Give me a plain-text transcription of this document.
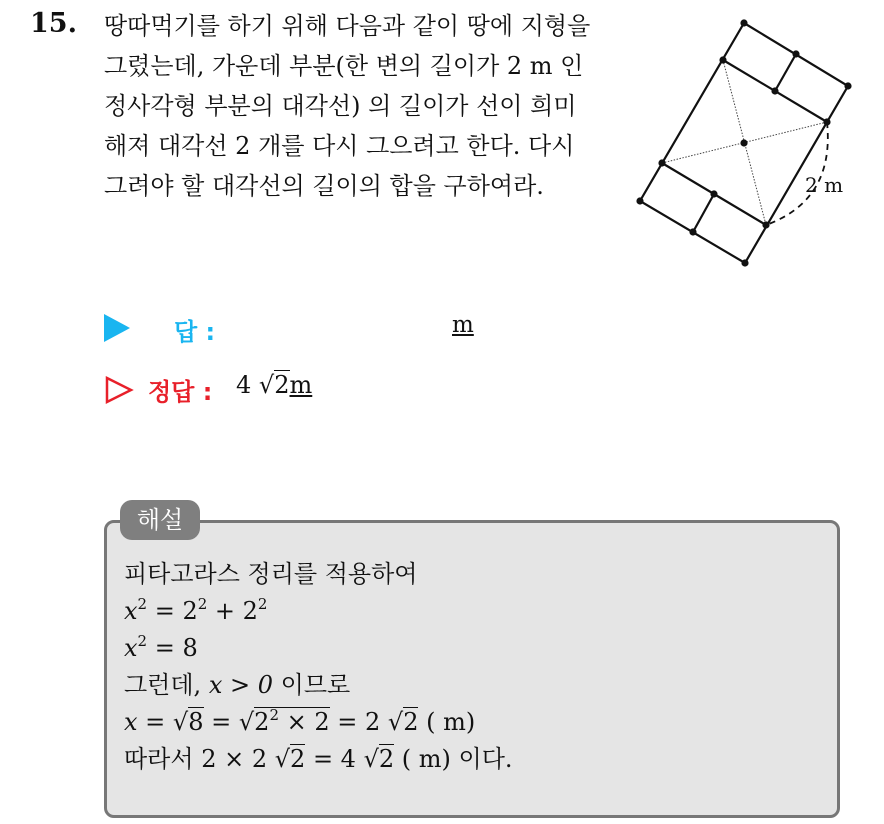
15. 땅따먹기를 하기 위해 다음과 같이 땅에 지형을
그렸는데, 가운데 부분(한 변의 길이가 2 m 인
정사각형 부분의 대각선) 의 길이가 선이 희미
해져 대각선 2 개를 다시 그으려고 한다. 다시
그려야 할 대각선의 길이의 합을 구하여라.	2 m
답 :	m
정답 : 4 √2m
해설
피타고라스 정리를 적용하여
$x^2 = 2^2 + 2^2$
$x^2 = 8$
그런데, x > 0 이므로
$x = √8 = √2^2 \times 2 = 2$ √2 ( m)
따라서 2 × 2 √2 = 4 √2 ( m) 이다.
